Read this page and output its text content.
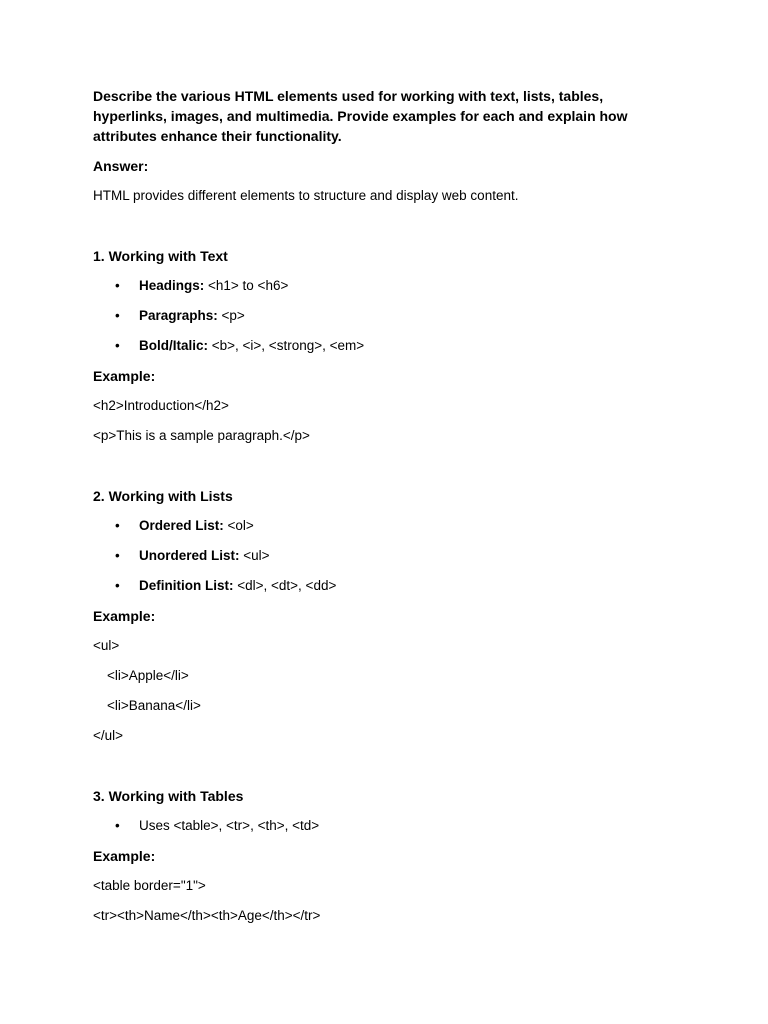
Describe the various HTML elements used for working with text, lists, tables, hyperlinks, images, and multimedia. Provide examples for each and explain how attributes enhance their functionality.

Answer:

HTML provides different elements to structure and display web content.

1. Working with Text

• Headings: <h1> to <h6>
• Paragraphs: <p>
• Bold/Italic: <b>, <i>, <strong>, <em>

Example:

<h2>Introduction</h2>

<p>This is a sample paragraph.</p>

2. Working with Lists

• Ordered List: <ol>
• Unordered List: <ul>
• Definition List: <dl>, <dt>, <dd>

Example:

<ul>

<li>Apple</li>

<li>Banana</li>

</ul>

3. Working with Tables

• Uses <table>, <tr>, <th>, <td>

Example:

<table border="1">

<tr><th>Name</th><th>Age</th></tr>
